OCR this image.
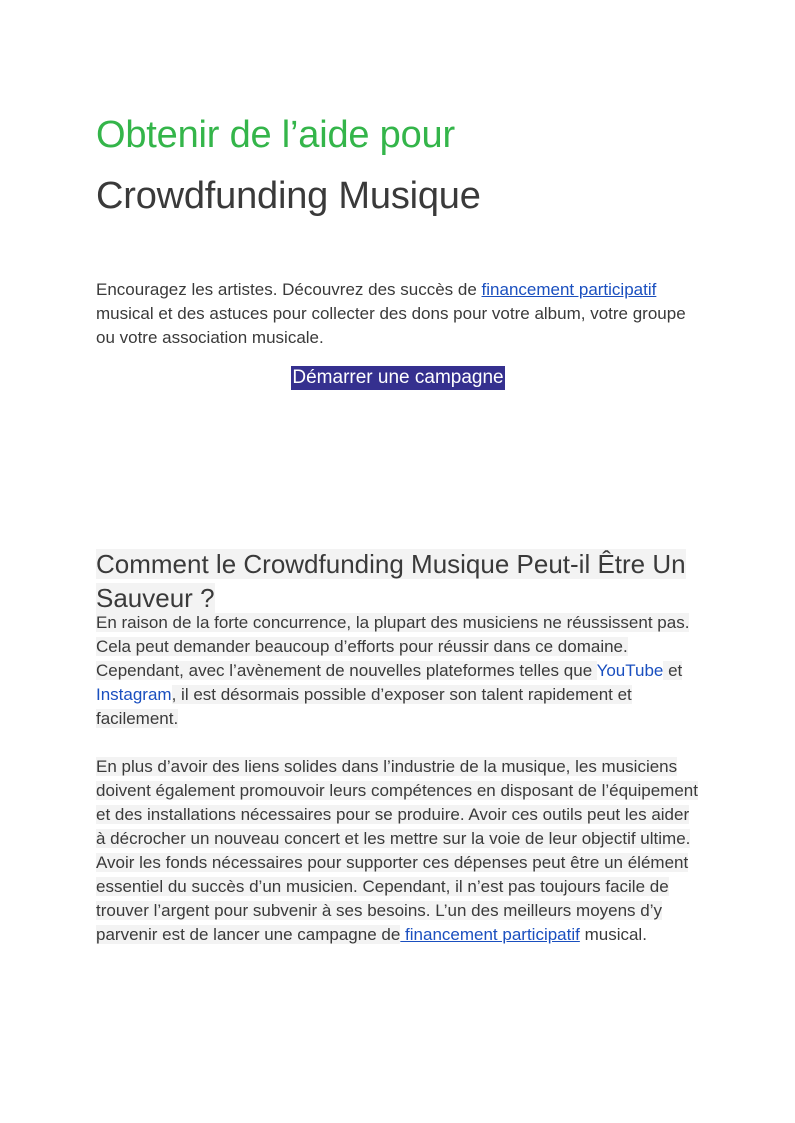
Obtenir de l’aide pour
Crowdfunding Musique
Encouragez les artistes. Découvrez des succès de financement participatif musical et des astuces pour collecter des dons pour votre album, votre groupe ou votre association musicale.
Démarrer une campagne
Comment le Crowdfunding Musique Peut-il Être Un Sauveur ?
En raison de la forte concurrence, la plupart des musiciens ne réussissent pas. Cela peut demander beaucoup d’efforts pour réussir dans ce domaine. Cependant, avec l’avènement de nouvelles plateformes telles que YouTube et Instagram, il est désormais possible d’exposer son talent rapidement et facilement.
En plus d’avoir des liens solides dans l’industrie de la musique, les musiciens doivent également promouvoir leurs compétences en disposant de l’équipement et des installations nécessaires pour se produire. Avoir ces outils peut les aider à décrocher un nouveau concert et les mettre sur la voie de leur objectif ultime. Avoir les fonds nécessaires pour supporter ces dépenses peut être un élément essentiel du succès d’un musicien. Cependant, il n’est pas toujours facile de trouver l’argent pour subvenir à ses besoins. L’un des meilleurs moyens d’y parvenir est de lancer une campagne de financement participatif musical.
